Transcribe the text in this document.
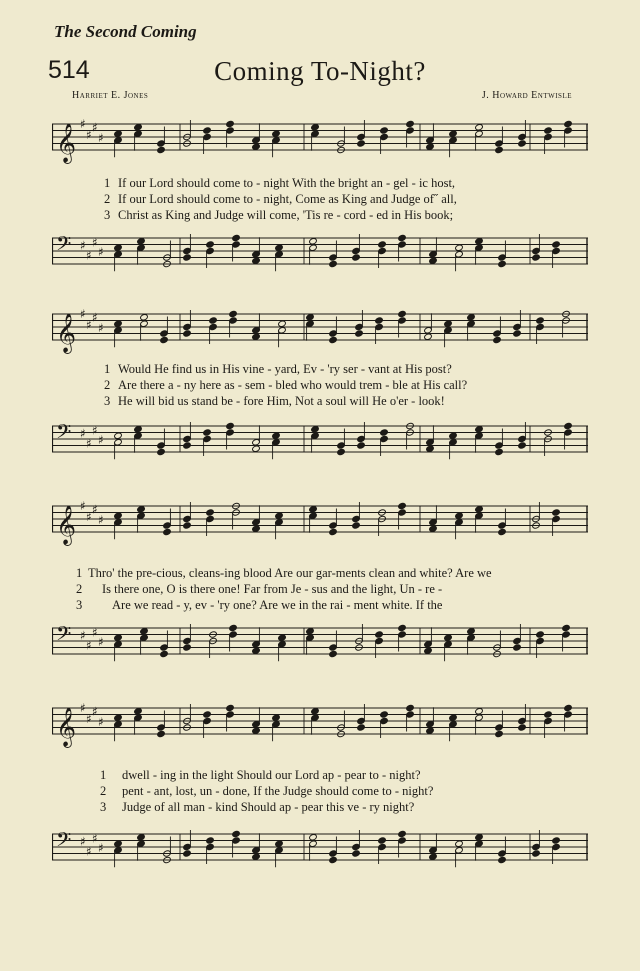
The Second Coming
514	Coming To-Night?
Harriet E. Jones	J. Howard Entwisle
𝄞 ♯
♯
♯
♯
1 If our Lord should come to - night With the bright an - gel - ic host,
2 If our Lord should come to - night, Come as King and Judge of˝ all,
3 Christ as King and Judge will come, 'Tis re - cord - ed in His book;
𝄢 ♯
♯
♯
♯
𝄞 ♯
♯
♯
♯
1 Would He find us in His vine - yard, Ev - 'ry ser - vant at His post?
2 Are there a - ny here as - sem - bled who would trem - ble at His call?
3 He will bid us stand be - fore Him, Not a soul will He o'er - look!
𝄢 ♯
♯
♯
♯
𝄞 ♯
♯
♯
♯
1 Thro' the pre-cious, cleans-ing blood Are our gar-ments clean and white? Are we
2 Is there one, O is there one! Far from Je - sus and the light, Un - re -
3 Are we read - y, ev - 'ry one? Are we in the rai - ment white. If the
𝄢 ♯
♯
♯
♯
𝄞 ♯
♯
♯
♯
1 dwell - ing in the light Should our Lord ap - pear to - night?
2 pent - ant, lost, un - done, If the Judge should come to - night?
3 Judge of all man - kind Should ap - pear this ve - ry night?
𝄢 ♯
♯
♯
♯
